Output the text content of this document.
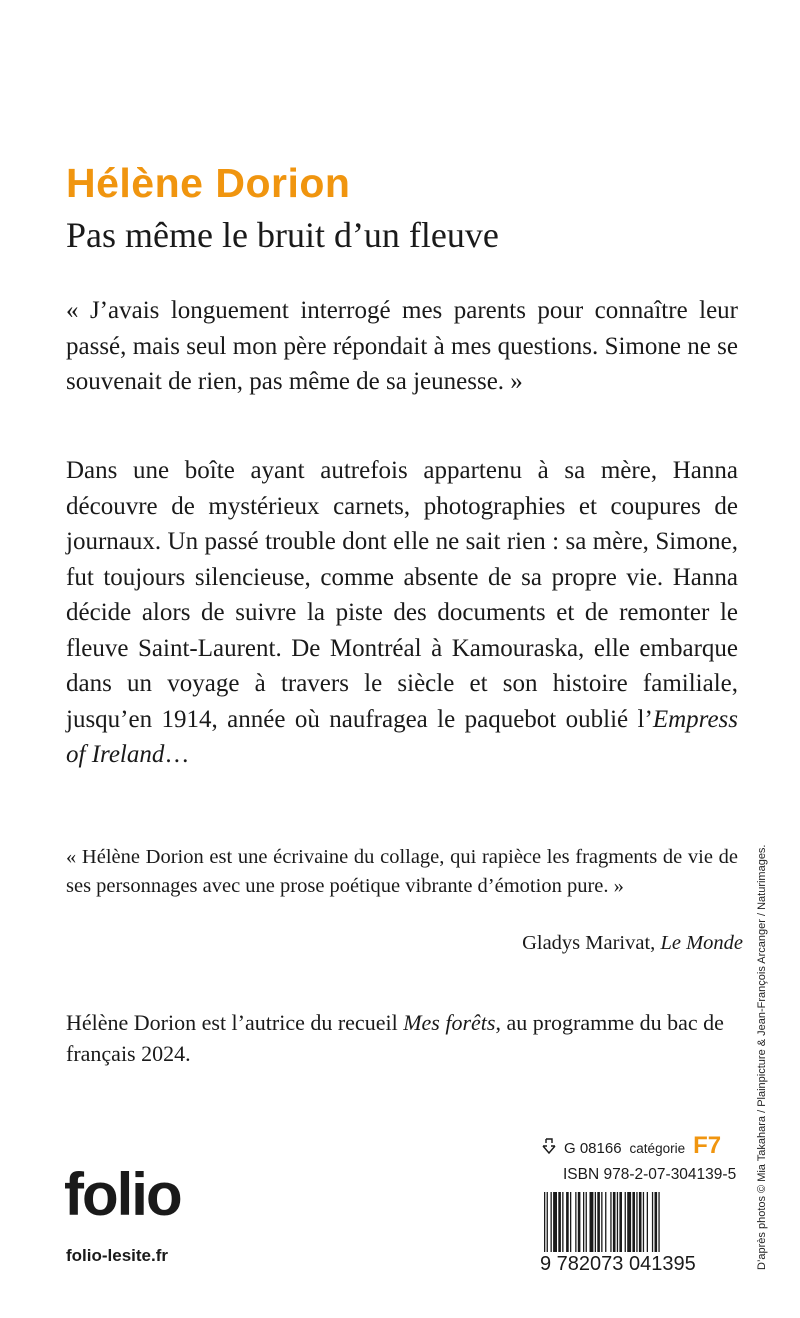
Hélène Dorion
Pas même le bruit d’un fleuve
« J’avais longuement interrogé mes parents pour connaître leur passé, mais seul mon père répondait à mes questions. Simone ne se souvenait de rien, pas même de sa jeunesse. »
Dans une boîte ayant autrefois appartenu à sa mère, Hanna découvre de mystérieux carnets, photographies et coupures de journaux. Un passé trouble dont elle ne sait rien : sa mère, Simone, fut toujours silencieuse, comme absente de sa propre vie. Hanna décide alors de suivre la piste des documents et de remonter le fleuve Saint-Laurent. De Montréal à Kamouraska, elle embarque dans un voyage à travers le siècle et son histoire familiale, jusqu’en 1914, année où naufragea le paquebot oublié l’Empress of Ireland…
« Hélène Dorion est une écrivaine du collage, qui rapièce les fragments de vie de ses personnages avec une prose poétique vibrante d’émotion pure. »
Gladys Marivat, Le Monde
Hélène Dorion est l’autrice du recueil Mes forêts, au programme du bac de français 2024.
folio
folio-lesite.fr
G 08166 catégorie F7
ISBN 978-2-07-304139-5
9 782073 041395	D’après photos © Mia Takahara / Plainpicture & Jean-François Arcanger / Naturimages.
